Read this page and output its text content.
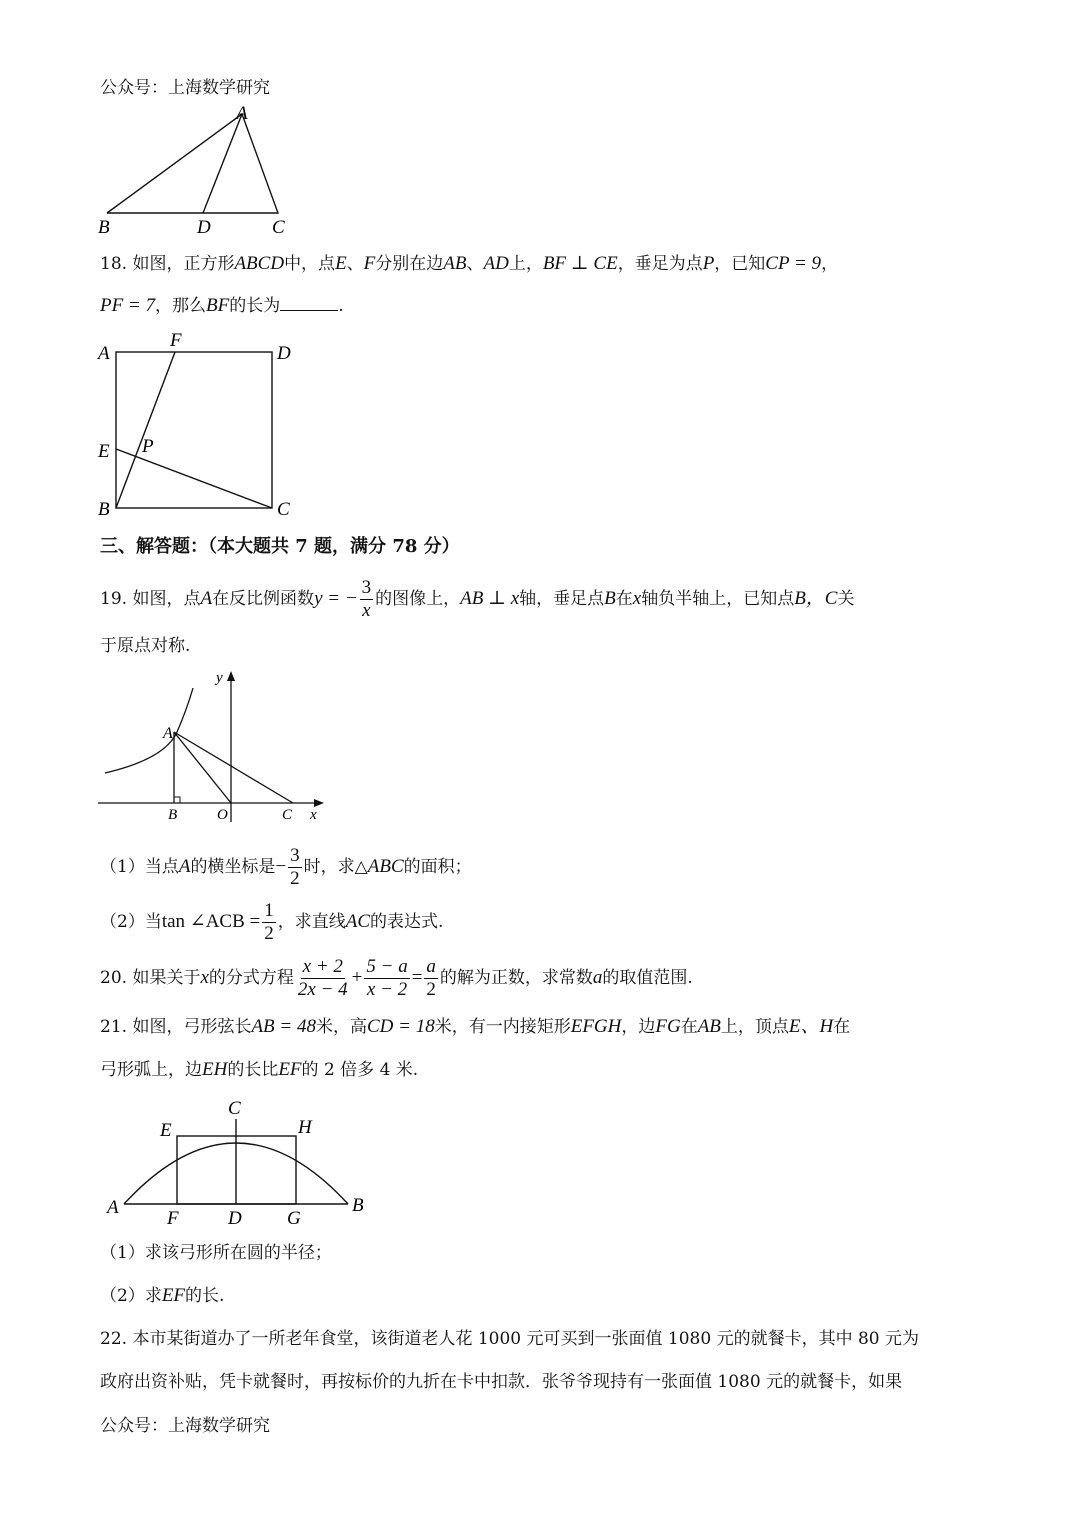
公众号：上海数学研究
A
B	D	C
18. 如图，正方形ABCD中，点E、F分别在边AB、AD上，BF ⊥ CE，垂足为点P，已知CP = 9，
PF = 7，那么BF的长为	.
A
F
D
E P
B	C
三、解答题：（本大题共 7 题，满分 78 分）
19. 如图，点A在反比例函数y = − $\frac{3}{x}$ 的图像上，AB ⊥ x轴，垂足点B在x轴负半轴上，已知点B，C关
于原点对称.
y
A
B	O	C x
（1）当点A的横坐标是− $\frac{3}{2}$ 时，求△ABC的面积；
（2）当tan ∠ACB = $\frac{1}{2}$ ，求直线AC的表达式.
20. 如果关于x的分式方程 $\frac{x + 2}{2x - 4} + \frac{5 - a}{x - 2} = \frac{a}{2}$ 的解为正数，求常数a的取值范围.
21. 如图，弓形弦长AB = 48米，高CD = 18米，有一内接矩形EFGH，边FG在AB上，顶点E、H在
弓形弧上，边EH的长比EF的 2 倍多 4 米.
C
E	H
A	B
F	D G
（1）求该弓形所在圆的半径；
（2）求EF的长.
22. 本市某街道办了一所老年食堂，该街道老人花 1000 元可买到一张面值 1080 元的就餐卡，其中 80 元为
政府出资补贴，凭卡就餐时，再按标价的九折在卡中扣款．张爷爷现持有一张面值 1080 元的就餐卡，如果
公众号：上海数学研究
